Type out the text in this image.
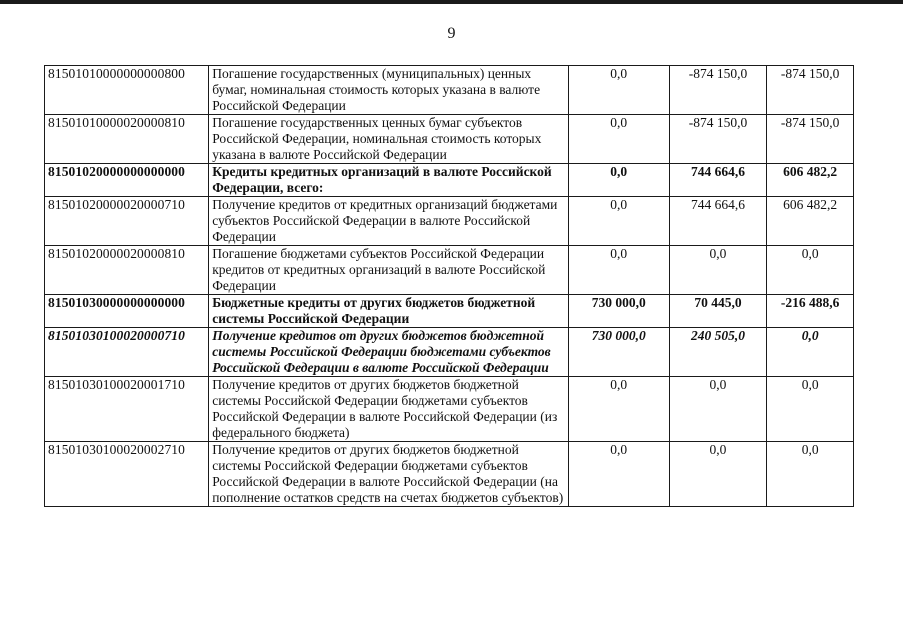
9
81501010000000000800	Погашение государственных (муниципальных) ценных бумаг, номинальная стоимость которых указана в валюте Российской Федерации	0,0	-874 150,0	-874 150,0
81501010000020000810	Погашение государственных ценных бумаг субъектов Российской Федерации, номинальная стоимость которых указана в валюте Российской Федерации	0,0	-874 150,0	-874 150,0
81501020000000000000	Кредиты кредитных организаций в валюте Российской Федерации, всего:	0,0	744 664,6	606 482,2
81501020000020000710	Получение кредитов от кредитных организаций бюджетами субъектов Российской Федерации в валюте Российской Федерации	0,0	744 664,6	606 482,2
81501020000020000810	Погашение бюджетами субъектов Российской Федерации кредитов от кредитных организаций в валюте Российской Федерации	0,0	0,0	0,0
81501030000000000000	Бюджетные кредиты от других бюджетов бюджетной системы Российской Федерации	730 000,0	70 445,0	-216 488,6
81501030100020000710	Получение кредитов от других бюджетов бюджетной системы Российской Федерации бюджетами субъектов Российской Федерации в валюте Российской Федерации	730 000,0	240 505,0	0,0
81501030100020001710	Получение кредитов от других бюджетов бюджетной системы Российской Федерации бюджетами субъектов Российской Федерации в валюте Российской Федерации (из федерального бюджета)	0,0	0,0	0,0
81501030100020002710	Получение кредитов от других бюджетов бюджетной системы Российской Федерации бюджетами субъектов Российской Федерации в валюте Российской Федерации (на пополнение остатков средств на счетах бюджетов субъектов)	0,0	0,0	0,0
